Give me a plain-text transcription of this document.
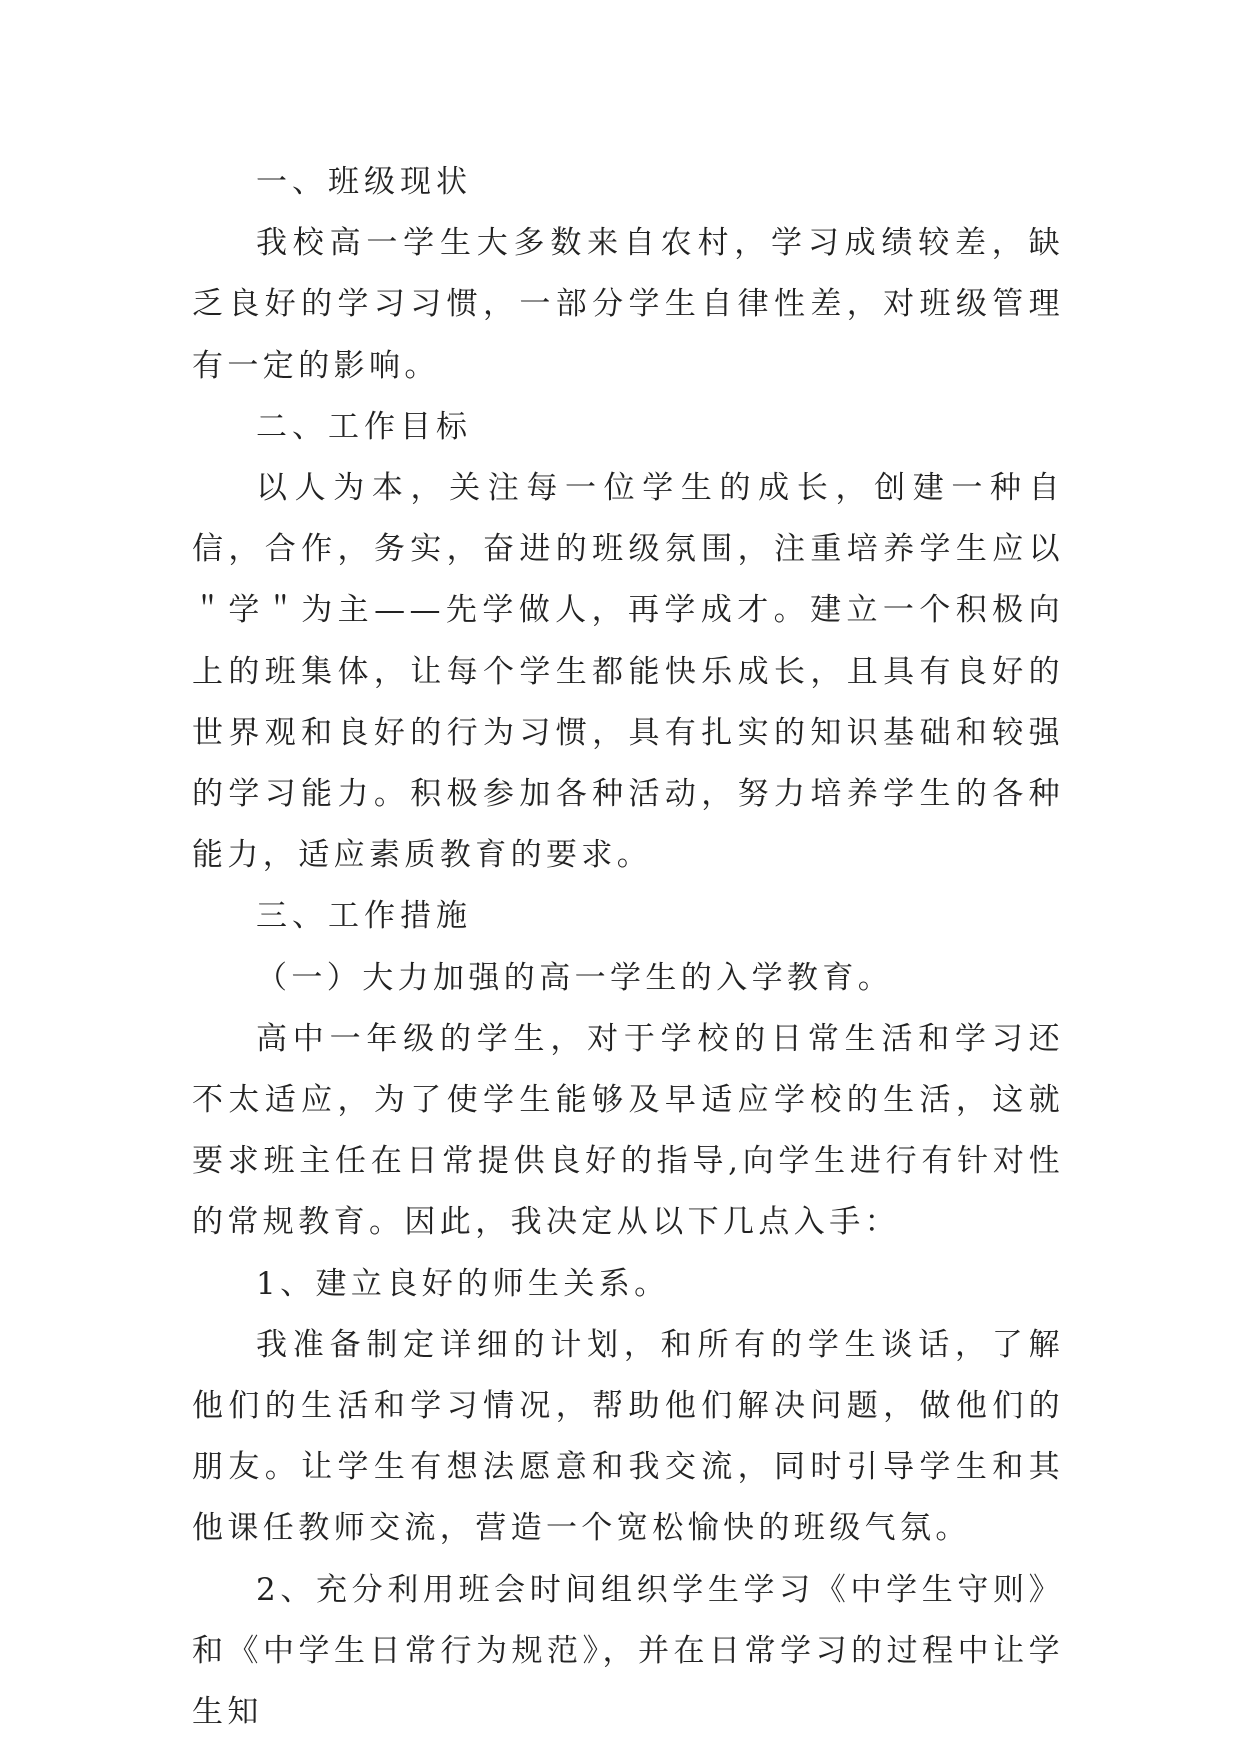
一、班级现状

我校高一学生大多数来自农村，学习成绩较差，缺乏良好的学习习惯，一部分学生自律性差，对班级管理有一定的影响。

二、工作目标

以人为本，关注每一位学生的成长，创建一种自信，合作，务实，奋进的班级氛围，注重培养学生应以＂学＂为主——先学做人，再学成才。建立一个积极向上的班集体，让每个学生都能快乐成长，且具有良好的世界观和良好的行为习惯，具有扎实的知识基础和较强的学习能力。积极参加各种活动，努力培养学生的各种能力，适应素质教育的要求。

三、工作措施

（一）大力加强的高一学生的入学教育。

高中一年级的学生，对于学校的日常生活和学习还不太适应，为了使学生能够及早适应学校的生活，这就要求班主任在日常提供良好的指导,向学生进行有针对性的常规教育。因此，我决定从以下几点入手：

1、建立良好的师生关系。

我准备制定详细的计划，和所有的学生谈话，了解他们的生活和学习情况，帮助他们解决问题，做他们的朋友。让学生有想法愿意和我交流，同时引导学生和其他课任教师交流，营造一个宽松愉快的班级气氛。

2、充分利用班会时间组织学生学习《中学生守则》和《中学生日常行为规范》，并在日常学习的过程中让学生知
